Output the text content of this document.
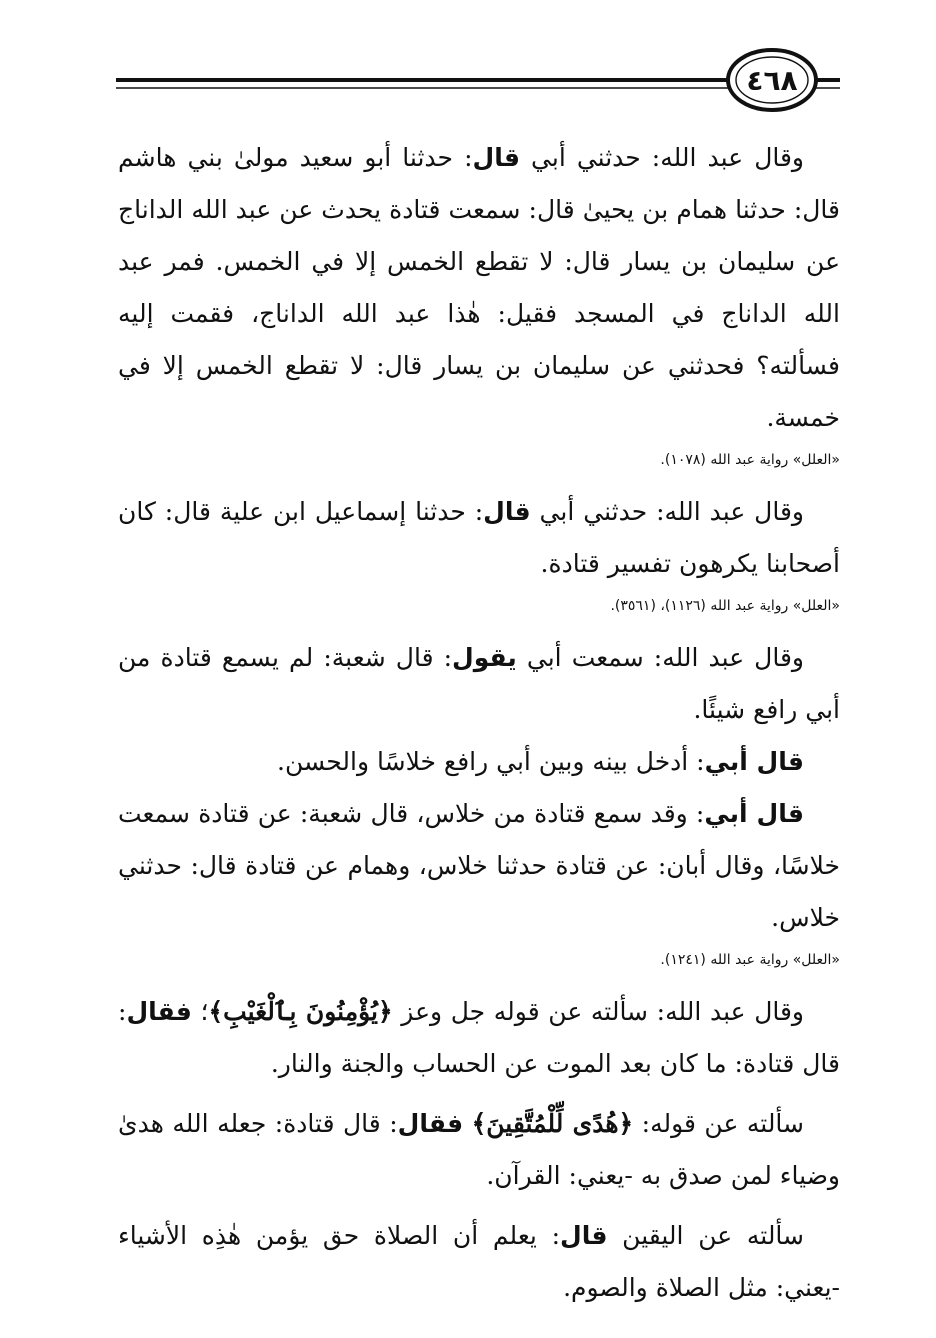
٤٦٨

وقال عبد الله: حدثني أبي قال: حدثنا أبو سعيد مولىٰ بني هاشم قال: حدثنا همام بن يحيىٰ قال: سمعت قتادة يحدث عن عبد الله الداناج عن سليمان بن يسار قال: لا تقطع الخمس إلا في الخمس. فمر عبد الله الداناج في المسجد فقيل: هٰذا عبد الله الداناج، فقمت إليه فسألته؟ فحدثني عن سليمان بن يسار قال: لا تقطع الخمس إلا في خمسة.

«العلل» رواية عبد الله (١٠٧٨).

وقال عبد الله: حدثني أبي قال: حدثنا إسماعيل ابن علية قال: كان أصحابنا يكرهون تفسير قتادة.

«العلل» رواية عبد الله (١١٢٦)، (٣٥٦١).

وقال عبد الله: سمعت أبي يقول: قال شعبة: لم يسمع قتادة من أبي رافع شيئًا.

قال أبي: أدخل بينه وبين أبي رافع خلاسًا والحسن.

قال أبي: وقد سمع قتادة من خلاس، قال شعبة: عن قتادة سمعت خلاسًا، وقال أبان: عن قتادة حدثنا خلاس، وهمام عن قتادة قال: حدثني خلاس.

«العلل» رواية عبد الله (١٢٤١).

وقال عبد الله: سألته عن قوله جل وعز ﴿يُؤْمِنُونَ بِٱلْغَيْبِ﴾؛ فقال: قال قتادة: ما كان بعد الموت عن الحساب والجنة والنار.

سألته عن قوله: ﴿هُدًى لِّلْمُتَّقِينَ﴾ فقال: قال قتادة: جعله الله هدىٰ وضياء لمن صدق به -يعني: القرآن.

سألته عن اليقين قال: يعلم أن الصلاة حق يؤمن هٰذِه الأشياء -يعني: مثل الصلاة والصوم.
